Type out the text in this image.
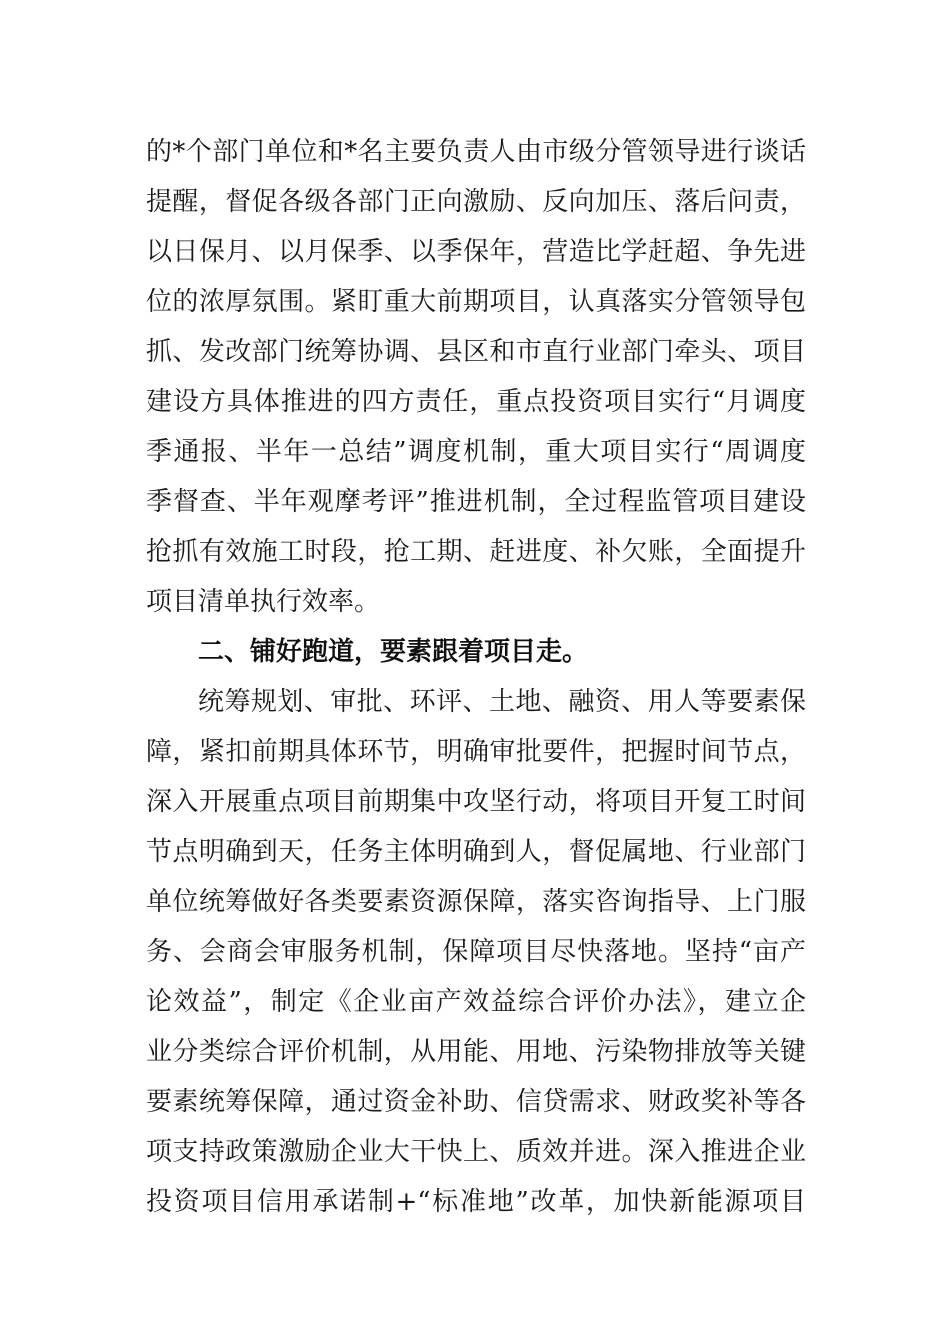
的*个部门单位和*名主要负责人由市级分管领导进行谈话
提醒，督促各级各部门正向激励、反向加压、落后问责，
以日保月、以月保季、以季保年，营造比学赶超、争先进
位的浓厚氛围。紧盯重大前期项目，认真落实分管领导包
抓、发改部门统筹协调、县区和市直行业部门牵头、项目
建设方具体推进的四方责任，重点投资项目实行“月调度
季通报、半年一总结”调度机制，重大项目实行“周调度
季督查、半年观摩考评”推进机制，全过程监管项目建设
抢抓有效施工时段，抢工期、赶进度、补欠账，全面提升
项目清单执行效率。
二、铺好跑道，要素跟着项目走。
统筹规划、审批、环评、土地、融资、用人等要素保
障，紧扣前期具体环节，明确审批要件，把握时间节点，
深入开展重点项目前期集中攻坚行动，将项目开复工时间
节点明确到天，任务主体明确到人，督促属地、行业部门
单位统筹做好各类要素资源保障，落实咨询指导、上门服
务、会商会审服务机制，保障项目尽快落地。坚持“亩产
论效益”，制定《企业亩产效益综合评价办法》，建立企
业分类综合评价机制，从用能、用地、污染物排放等关键
要素统筹保障，通过资金补助、信贷需求、财政奖补等各
项支持政策激励企业大干快上、质效并进。深入推进企业
投资项目信用承诺制+“标准地”改革，加快新能源项目
